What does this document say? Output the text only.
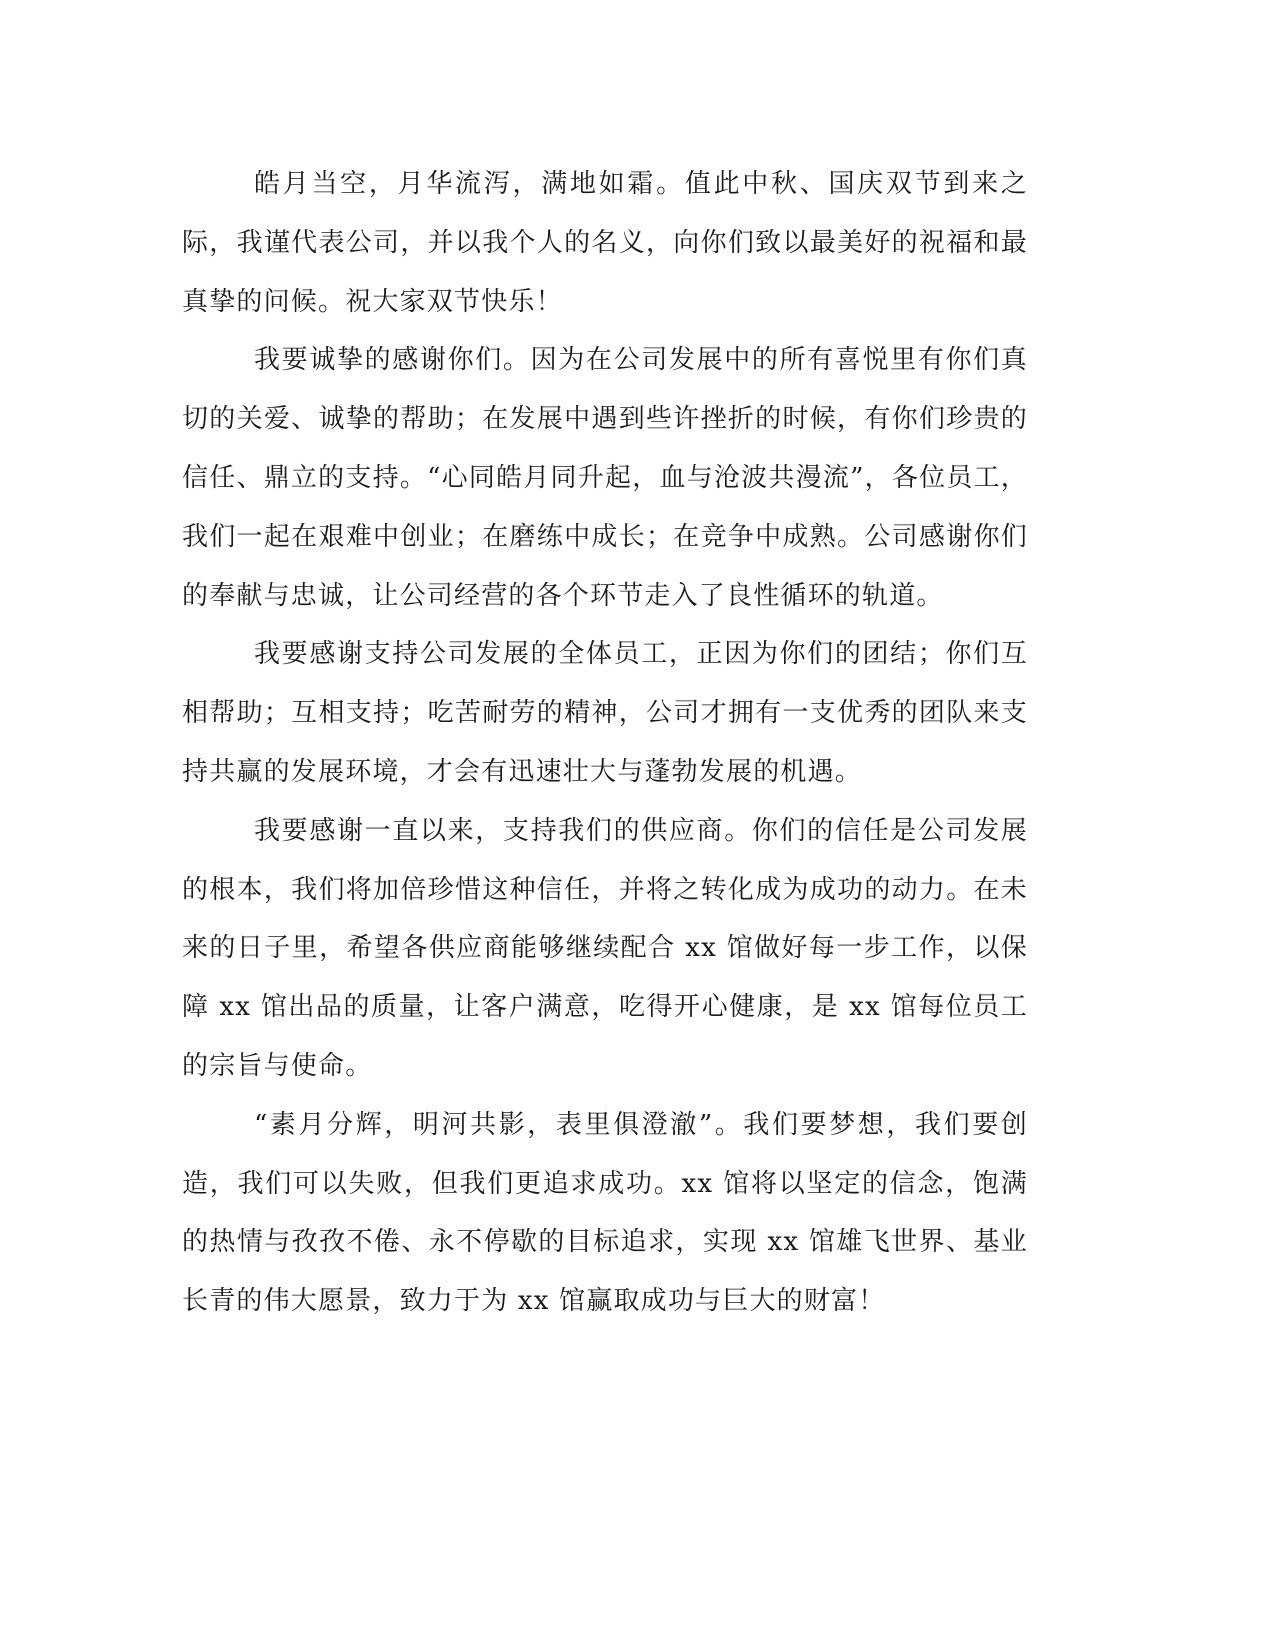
皓月当空，月华流泻，满地如霜。值此中秋、国庆双节到来之际，我谨代表公司，并以我个人的名义，向你们致以最美好的祝福和最真挚的问候。祝大家双节快乐！

我要诚挚的感谢你们。因为在公司发展中的所有喜悦里有你们真切的关爱、诚挚的帮助；在发展中遇到些许挫折的时候，有你们珍贵的信任、鼎立的支持。“心同皓月同升起，血与沧波共漫流”，各位员工，我们一起在艰难中创业；在磨练中成长；在竞争中成熟。公司感谢你们的奉献与忠诚，让公司经营的各个环节走入了良性循环的轨道。

我要感谢支持公司发展的全体员工，正因为你们的团结；你们互相帮助；互相支持；吃苦耐劳的精神，公司才拥有一支优秀的团队来支持共赢的发展环境，才会有迅速壮大与蓬勃发展的机遇。

我要感谢一直以来，支持我们的供应商。你们的信任是公司发展的根本，我们将加倍珍惜这种信任，并将之转化成为成功的动力。在未来的日子里，希望各供应商能够继续配合 xx 馆做好每一步工作，以保障 xx 馆出品的质量，让客户满意，吃得开心健康，是 xx 馆每位员工的宗旨与使命。

“素月分辉，明河共影，表里俱澄澈”。我们要梦想，我们要创造，我们可以失败，但我们更追求成功。xx 馆将以坚定的信念，饱满的热情与孜孜不倦、永不停歇的目标追求，实现 xx 馆雄飞世界、基业长青的伟大愿景，致力于为 xx 馆赢取成功与巨大的财富！
